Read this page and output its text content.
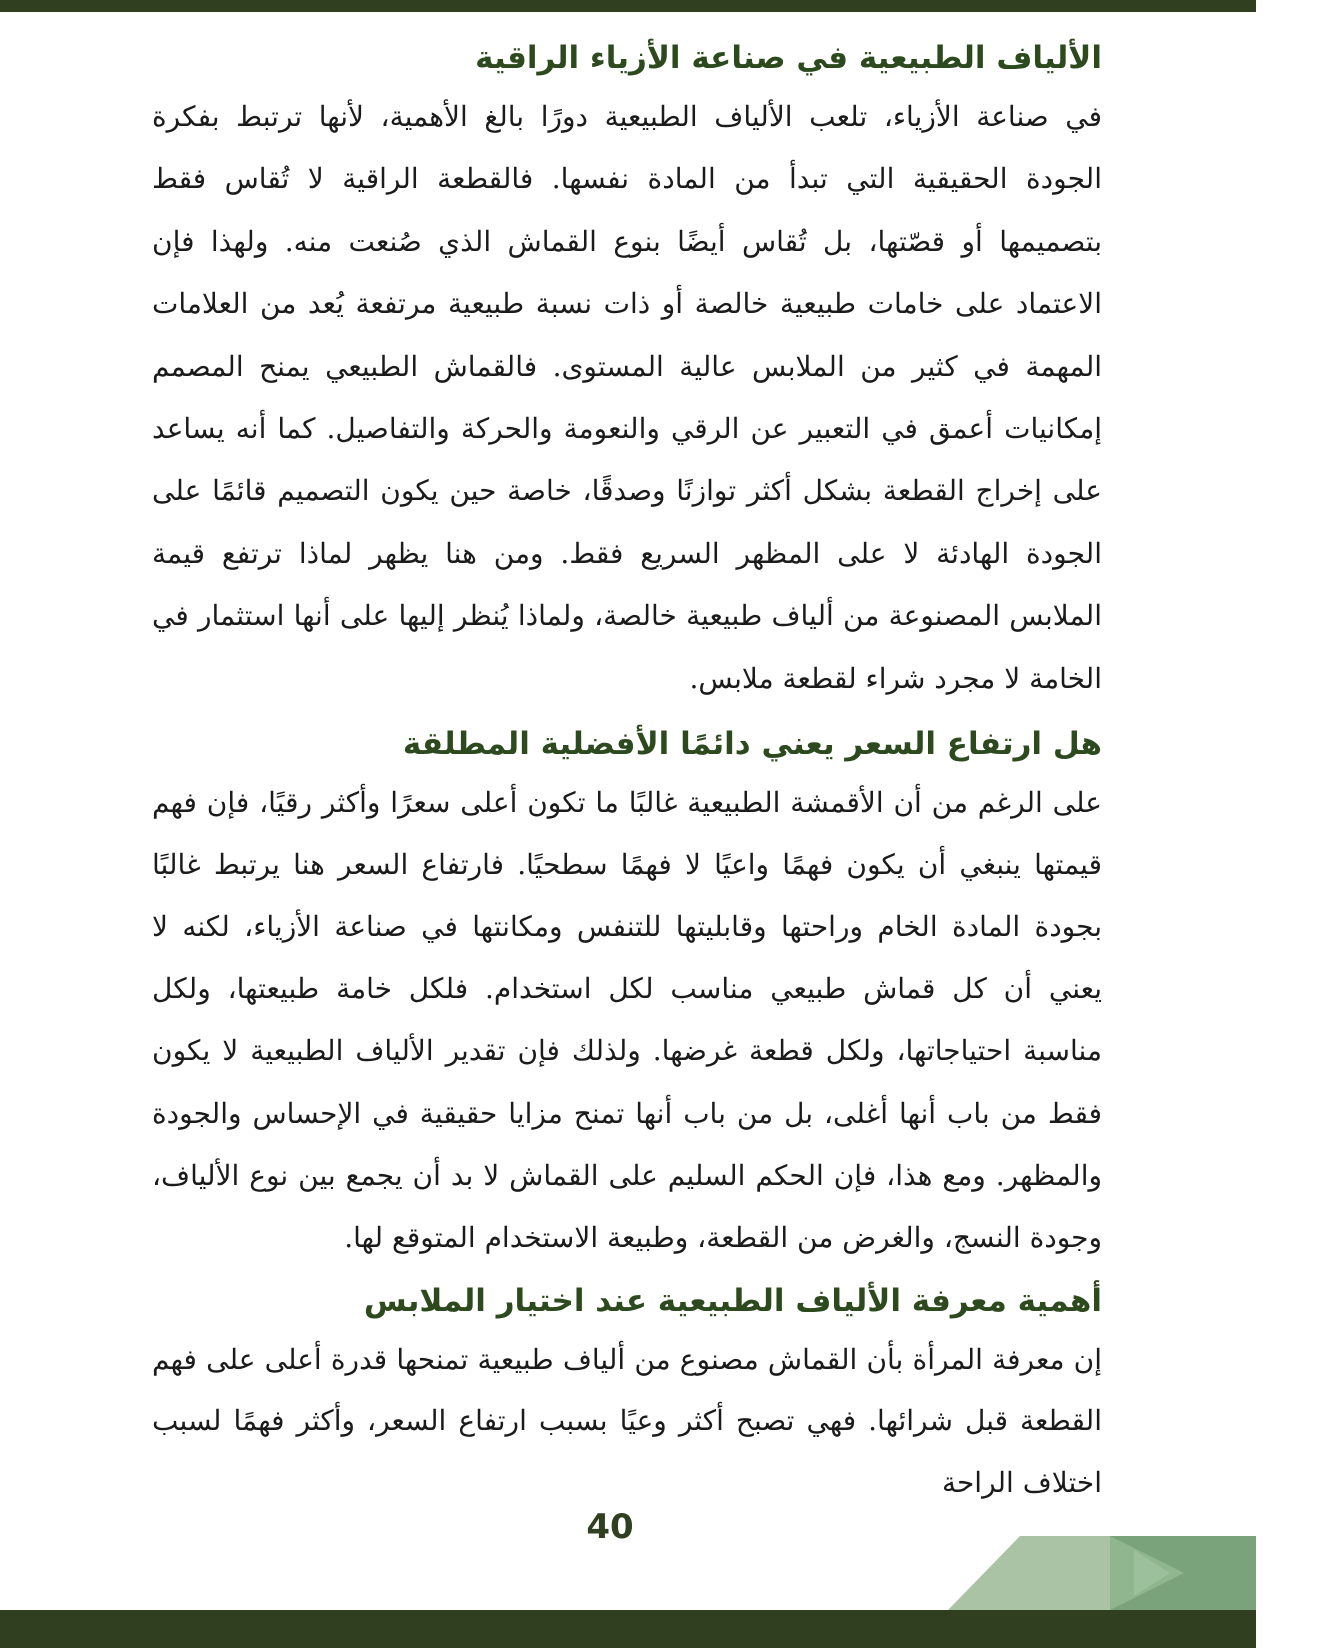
الألياف الطبيعية في صناعة الأزياء الراقية

في صناعة الأزياء، تلعب الألياف الطبيعية دورًا بالغ الأهمية، لأنها ترتبط بفكرة الجودة الحقيقية التي تبدأ من المادة نفسها. فالقطعة الراقية لا تُقاس فقط بتصميمها أو قصّتها، بل تُقاس أيضًا بنوع القماش الذي صُنعت منه. ولهذا فإن الاعتماد على خامات طبيعية خالصة أو ذات نسبة طبيعية مرتفعة يُعد من العلامات المهمة في كثير من الملابس عالية المستوى. فالقماش الطبيعي يمنح المصمم إمكانيات أعمق في التعبير عن الرقي والنعومة والحركة والتفاصيل. كما أنه يساعد على إخراج القطعة بشكل أكثر توازنًا وصدقًا، خاصة حين يكون التصميم قائمًا على الجودة الهادئة لا على المظهر السريع فقط. ومن هنا يظهر لماذا ترتفع قيمة الملابس المصنوعة من ألياف طبيعية خالصة، ولماذا يُنظر إليها على أنها استثمار في الخامة لا مجرد شراء لقطعة ملابس.

هل ارتفاع السعر يعني دائمًا الأفضلية المطلقة

على الرغم من أن الأقمشة الطبيعية غالبًا ما تكون أعلى سعرًا وأكثر رقيًا، فإن فهم قيمتها ينبغي أن يكون فهمًا واعيًا لا فهمًا سطحيًا. فارتفاع السعر هنا يرتبط غالبًا بجودة المادة الخام وراحتها وقابليتها للتنفس ومكانتها في صناعة الأزياء، لكنه لا يعني أن كل قماش طبيعي مناسب لكل استخدام. فلكل خامة طبيعتها، ولكل مناسبة احتياجاتها، ولكل قطعة غرضها. ولذلك فإن تقدير الألياف الطبيعية لا يكون فقط من باب أنها أغلى، بل من باب أنها تمنح مزايا حقيقية في الإحساس والجودة والمظهر. ومع هذا، فإن الحكم السليم على القماش لا بد أن يجمع بين نوع الألياف، وجودة النسج، والغرض من القطعة، وطبيعة الاستخدام المتوقع لها.

أهمية معرفة الألياف الطبيعية عند اختيار الملابس

إن معرفة المرأة بأن القماش مصنوع من ألياف طبيعية تمنحها قدرة أعلى على فهم القطعة قبل شرائها. فهي تصبح أكثر وعيًا بسبب ارتفاع السعر، وأكثر فهمًا لسبب اختلاف الراحة

40
